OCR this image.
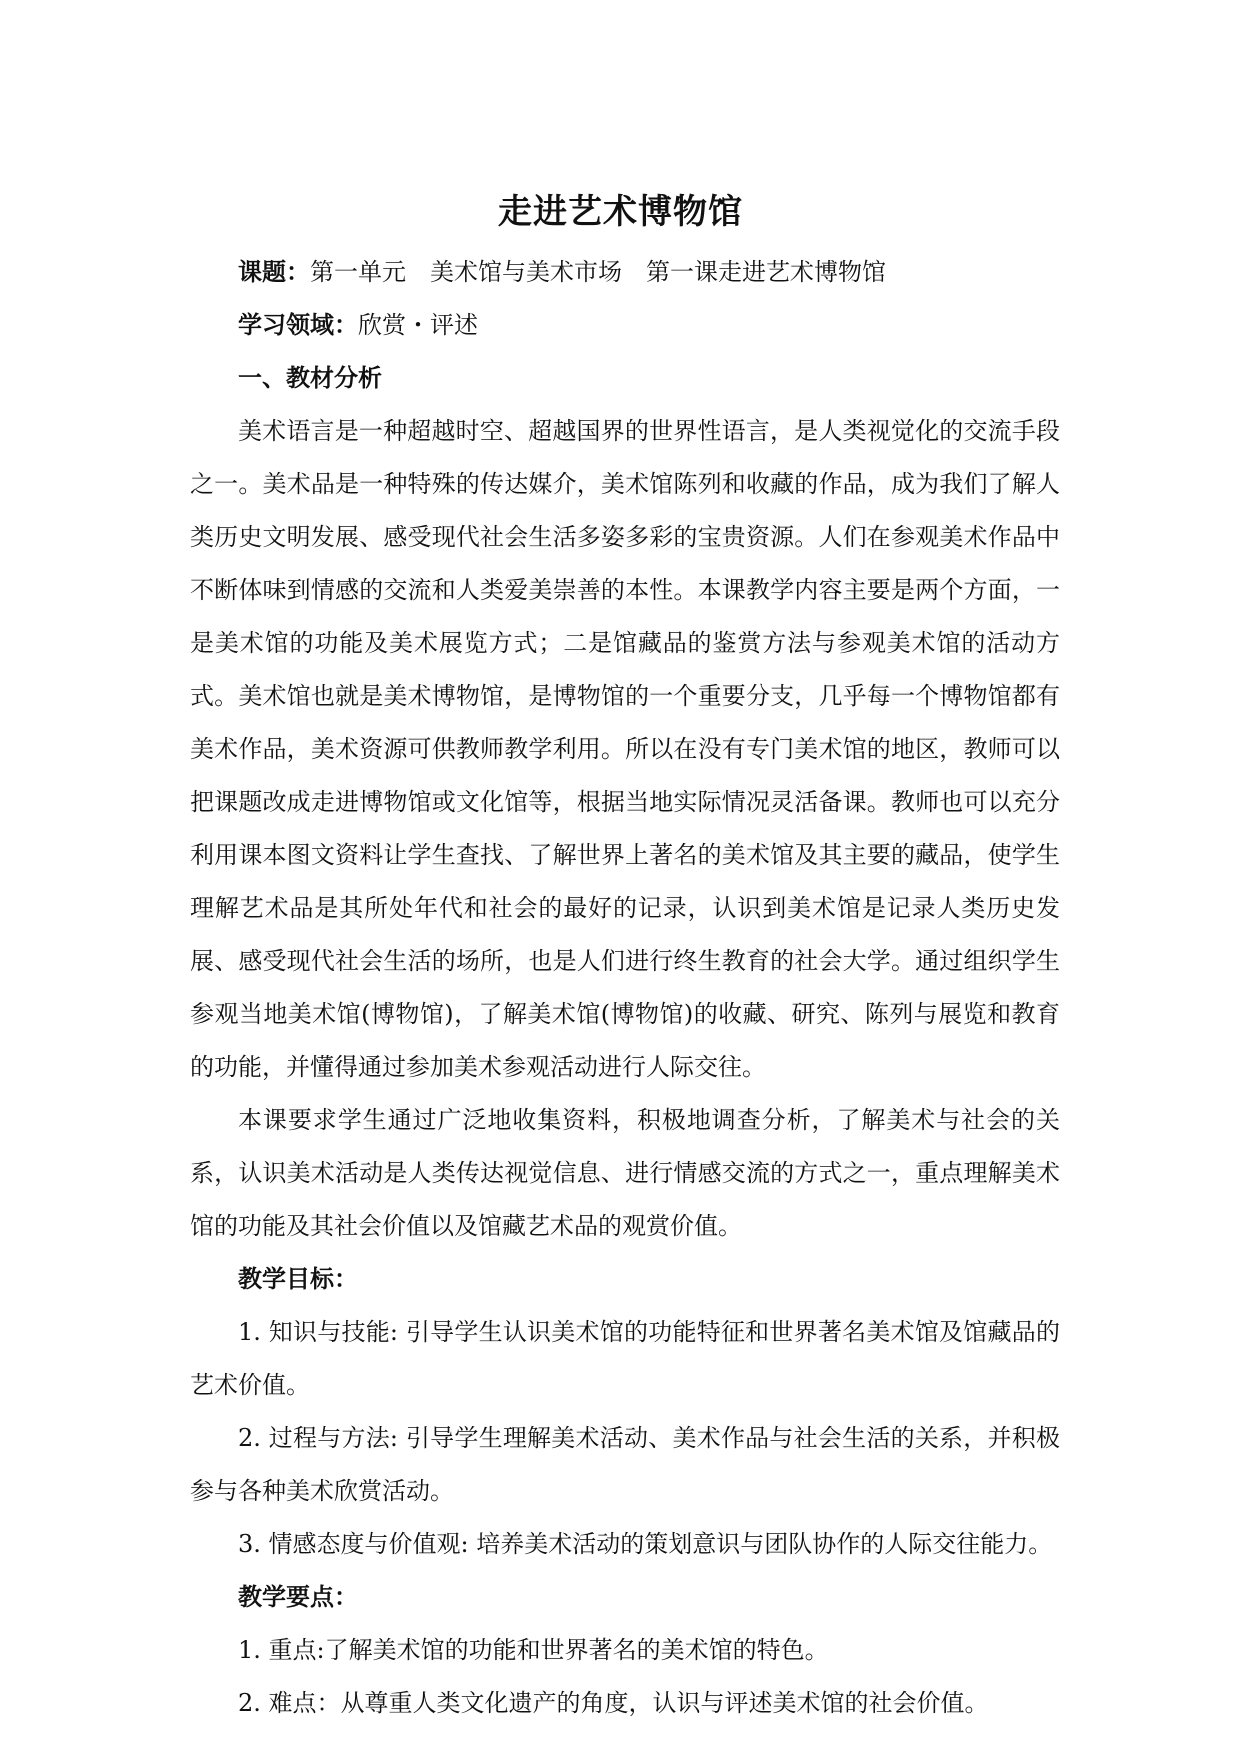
走进艺术博物馆

课题：第一单元　美术馆与美术市场　第一课走进艺术博物馆

学习领域：欣赏・评述

一、教材分析

美术语言是一种超越时空、超越国界的世界性语言，是人类视觉化的交流手段之一。美术品是一种特殊的传达媒介，美术馆陈列和收藏的作品，成为我们了解人类历史文明发展、感受现代社会生活多姿多彩的宝贵资源。人们在参观美术作品中不断体味到情感的交流和人类爱美崇善的本性。本课教学内容主要是两个方面，一是美术馆的功能及美术展览方式；二是馆藏品的鉴赏方法与参观美术馆的活动方式。美术馆也就是美术博物馆，是博物馆的一个重要分支，几乎每一个博物馆都有美术作品，美术资源可供教师教学利用。所以在没有专门美术馆的地区，教师可以把课题改成走进博物馆或文化馆等，根据当地实际情况灵活备课。教师也可以充分利用课本图文资料让学生查找、了解世界上著名的美术馆及其主要的藏品，使学生理解艺术品是其所处年代和社会的最好的记录，认识到美术馆是记录人类历史发展、感受现代社会生活的场所，也是人们进行终生教育的社会大学。通过组织学生参观当地美术馆(博物馆)，了解美术馆(博物馆)的收藏、研究、陈列与展览和教育的功能，并懂得通过参加美术参观活动进行人际交往。

本课要求学生通过广泛地收集资料，积极地调查分析，了解美术与社会的关系，认识美术活动是人类传达视觉信息、进行情感交流的方式之一，重点理解美术馆的功能及其社会价值以及馆藏艺术品的观赏价值。

教学目标：

1. 知识与技能: 引导学生认识美术馆的功能特征和世界著名美术馆及馆藏品的艺术价值。

2. 过程与方法: 引导学生理解美术活动、美术作品与社会生活的关系，并积极参与各种美术欣赏活动。

3. 情感态度与价值观: 培养美术活动的策划意识与团队协作的人际交往能力。

教学要点：

1. 重点:了解美术馆的功能和世界著名的美术馆的特色。

2. 难点：从尊重人类文化遗产的角度，认识与评述美术馆的社会价值。
